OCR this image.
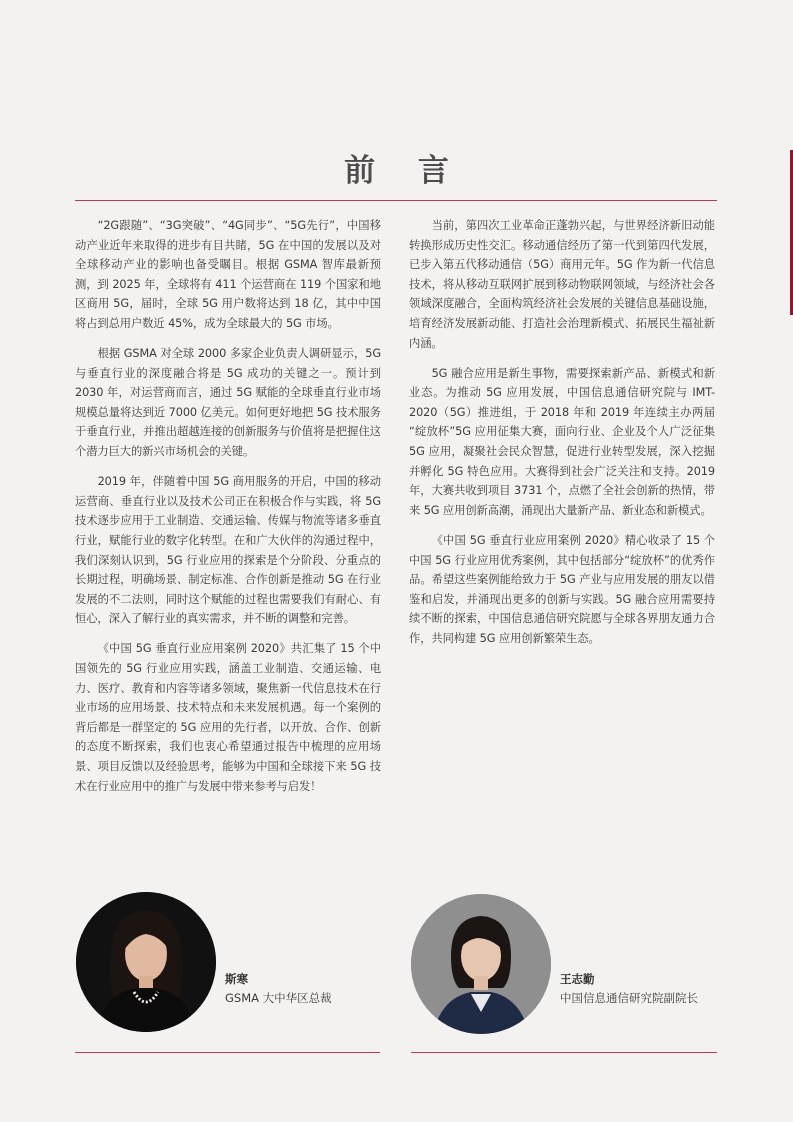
前 言

“2G跟随”、“3G突破”、“4G同步”、“5G先行”，中国移动产业近年来取得的进步有目共睹，5G 在中国的发展以及对全球移动产业的影响也备受瞩目。根据 GSMA 智库最新预测，到 2025 年，全球将有 411 个运营商在 119 个国家和地区商用 5G，届时，全球 5G 用户数将达到 18 亿，其中中国将占到总用户数近 45%，成为全球最大的 5G 市场。

根据 GSMA 对全球 2000 多家企业负责人调研显示，5G 与垂直行业的深度融合将是 5G 成功的关键之一。预计到 2030 年，对运营商而言，通过 5G 赋能的全球垂直行业市场规模总量将达到近 7000 亿美元。如何更好地把 5G 技术服务于垂直行业，并推出超越连接的创新服务与价值将是把握住这个潜力巨大的新兴市场机会的关键。

2019 年，伴随着中国 5G 商用服务的开启，中国的移动运营商、垂直行业以及技术公司正在积极合作与实践，将 5G 技术逐步应用于工业制造、交通运输、传媒与物流等诸多垂直行业，赋能行业的数字化转型。在和广大伙伴的沟通过程中，我们深刻认识到，5G 行业应用的探索是个分阶段、分重点的长期过程，明确场景、制定标准、合作创新是推动 5G 在行业发展的不二法则，同时这个赋能的过程也需要我们有耐心、有恒心，深入了解行业的真实需求，并不断的调整和完善。

《中国 5G 垂直行业应用案例 2020》共汇集了 15 个中国领先的 5G 行业应用实践，涵盖工业制造、交通运输、电力、医疗、教育和内容等诸多领域，聚焦新一代信息技术在行业市场的应用场景、技术特点和未来发展机遇。每一个案例的背后都是一群坚定的 5G 应用的先行者，以开放、合作、创新的态度不断探索，我们也衷心希望通过报告中梳理的应用场景、项目反馈以及经验思考，能够为中国和全球接下来 5G 技术在行业应用中的推广与发展中带来参考与启发！

当前，第四次工业革命正蓬勃兴起，与世界经济新旧动能转换形成历史性交汇。移动通信经历了第一代到第四代发展，已步入第五代移动通信（5G）商用元年。5G 作为新一代信息技术，将从移动互联网扩展到移动物联网领域，与经济社会各领域深度融合，全面构筑经济社会发展的关键信息基础设施，培育经济发展新动能、打造社会治理新模式、拓展民生福祉新内涵。

5G 融合应用是新生事物，需要探索新产品、新模式和新业态。为推动 5G 应用发展，中国信息通信研究院与 IMT-2020（5G）推进组，于 2018 年和 2019 年连续主办两届 “绽放杯”5G 应用征集大赛，面向行业、企业及个人广泛征集 5G 应用，凝聚社会民众智慧，促进行业转型发展，深入挖掘并孵化 5G 特色应用。大赛得到社会广泛关注和支持。2019 年，大赛共收到项目 3731 个，点燃了全社会创新的热情，带来 5G 应用创新高潮，涌现出大量新产品、新业态和新模式。

《中国 5G 垂直行业应用案例 2020》精心收录了 15 个中国 5G 行业应用优秀案例，其中包括部分“绽放杯”的优秀作品。希望这些案例能给致力于 5G 产业与应用发展的朋友以借鉴和启发，并涌现出更多的创新与实践。5G 融合应用需要持续不断的探索，中国信息通信研究院愿与全球各界朋友通力合作，共同构建 5G 应用创新繁荣生态。

斯寒
GSMA 大中华区总裁
王志勤
中国信息通信研究院副院长
